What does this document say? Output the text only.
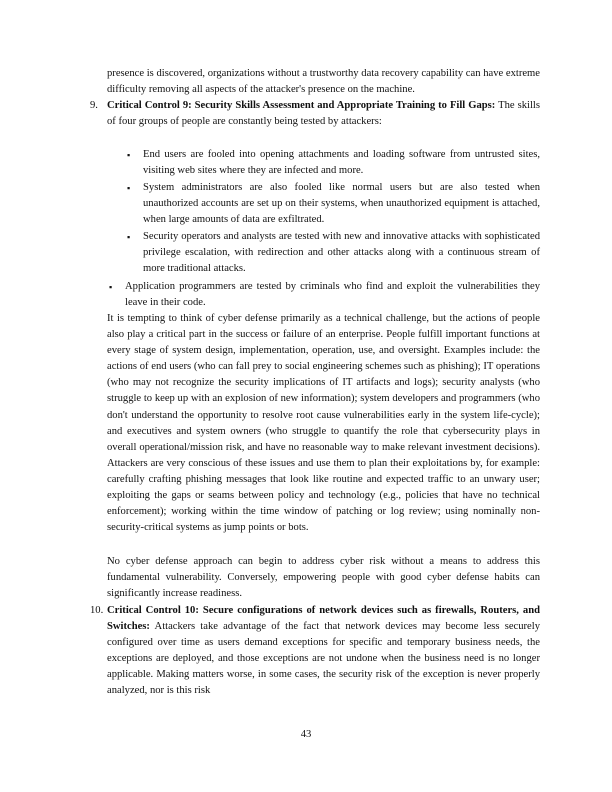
presence is discovered, organizations without a trustworthy data recovery capability can have extreme difficulty removing all aspects of the attacker's presence on the machine.

9. Critical Control 9: Security Skills Assessment and Appropriate Training to Fill Gaps: The skills of four groups of people are constantly being tested by attackers:

▪ End users are fooled into opening attachments and loading software from untrusted sites, visiting web sites where they are infected and more.

▪ System administrators are also fooled like normal users but are also tested when unauthorized accounts are set up on their systems, when unauthorized equipment is attached, when large amounts of data are exfiltrated.

▪ Security operators and analysts are tested with new and innovative attacks with sophisticated privilege escalation, with redirection and other attacks along with a continuous stream of more traditional attacks.

▪ Application programmers are tested by criminals who find and exploit the vulnerabilities they leave in their code.

It is tempting to think of cyber defense primarily as a technical challenge, but the actions of people also play a critical part in the success or failure of an enterprise. People fulfill important functions at every stage of system design, implementation, operation, use, and oversight. Examples include: the actions of end users (who can fall prey to social engineering schemes such as phishing); IT operations (who may not recognize the security implications of IT artifacts and logs); security analysts (who struggle to keep up with an explosion of new information); system developers and programmers (who don't understand the opportunity to resolve root cause vulnerabilities early in the system life-cycle); and executives and system owners (who struggle to quantify the role that cybersecurity plays in overall operational/mission risk, and have no reasonable way to make relevant investment decisions). Attackers are very conscious of these issues and use them to plan their exploitations by, for example: carefully crafting phishing messages that look like routine and expected traffic to an unwary user; exploiting the gaps or seams between policy and technology (e.g., policies that have no technical enforcement); working within the time window of patching or log review; using nominally non-security-critical systems as jump points or bots.

No cyber defense approach can begin to address cyber risk without a means to address this fundamental vulnerability. Conversely, empowering people with good cyber defense habits can significantly increase readiness.

10. Critical Control 10: Secure configurations of network devices such as firewalls, Routers, and Switches: Attackers take advantage of the fact that network devices may become less securely configured over time as users demand exceptions for specific and temporary business needs, the exceptions are deployed, and those exceptions are not undone when the business need is no longer applicable. Making matters worse, in some cases, the security risk of the exception is never properly analyzed, nor is this risk

43
